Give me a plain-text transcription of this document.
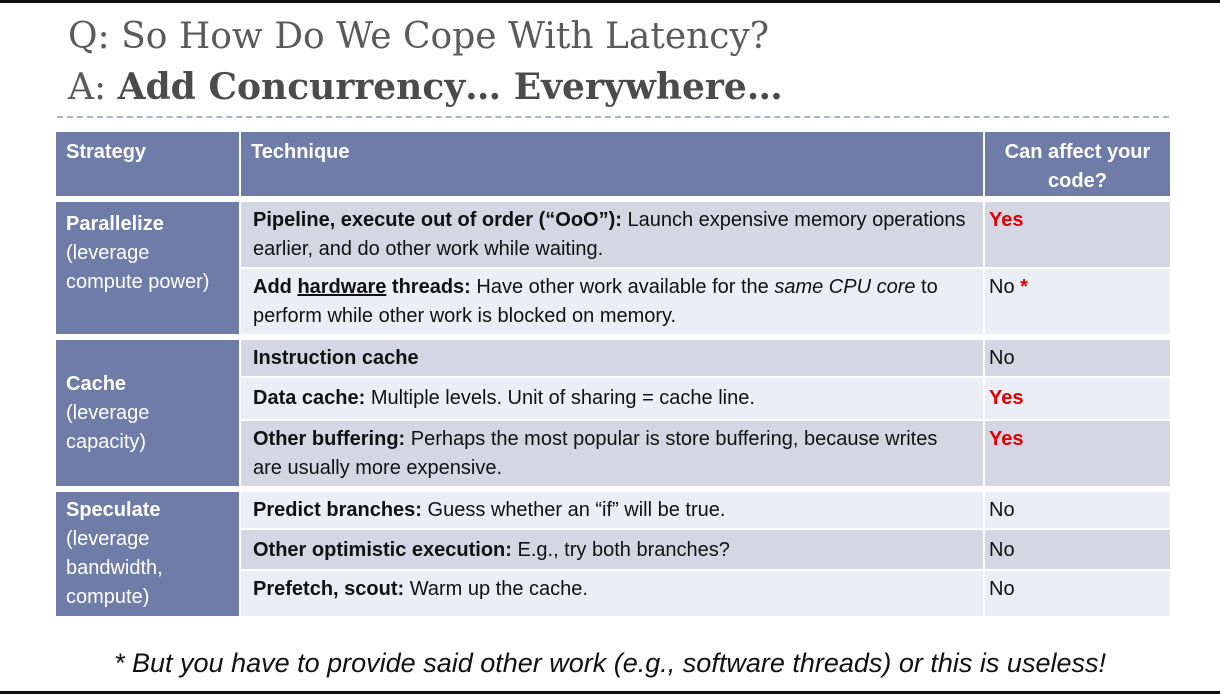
Q: So How Do We Cope With Latency?
A: Add Concurrency… Everywhere…
Strategy	Technique	Can affect your code?
Parallelize
(leverage compute power)	Pipeline, execute out of order (“OoO”): Launch expensive memory operations earlier, and do other work while waiting.	Yes
	Add hardware threads: Have other work available for the same CPU core to perform while other work is blocked on memory.	No *
Cache
(leverage capacity)	Instruction cache	No
	Data cache: Multiple levels. Unit of sharing = cache line.	Yes
	Other buffering: Perhaps the most popular is store buffering, because writes are usually more expensive.	Yes
Speculate
(leverage bandwidth, compute)	Predict branches: Guess whether an “if” will be true.	No
	Other optimistic execution: E.g., try both branches?	No
	Prefetch, scout: Warm up the cache.	No
* But you have to provide said other work (e.g., software threads) or this is useless!
